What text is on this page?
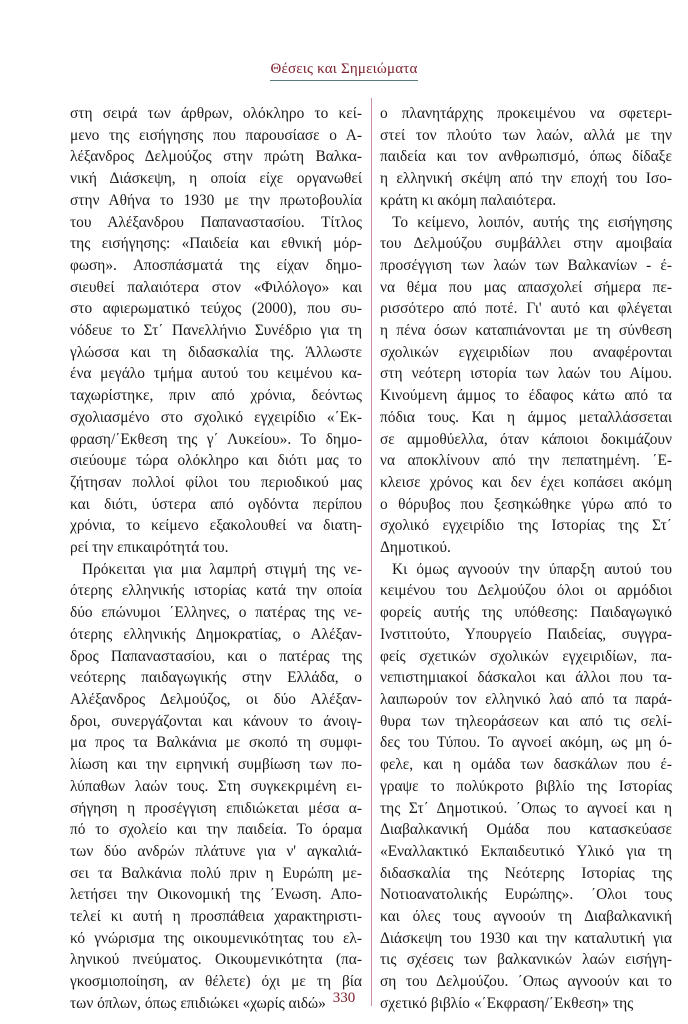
Θέσεις και Σημειώματα
στη σειρά των άρθρων, ολόκληρο το κεί-
μενο της εισήγησης που παρουσίασε ο Α-
λέξανδρος Δελμούζος στην πρώτη Βαλκα-
νική Διάσκεψη, η οποία είχε οργανωθεί
στην Αθήνα το 1930 με την πρωτοβουλία
του Αλέξανδρου Παπαναστασίου. Τίτλος
της εισήγησης: «Παιδεία και εθνική μόρ-
φωση». Αποσπάσματά της είχαν δημο-
σιευθεί παλαιότερα στον «Φιλόλογο» και
στο αφιερωματικό τεύχος (2000), που συ-
νόδευε το Στ΄ Πανελλήνιο Συνέδριο για τη
γλώσσα και τη διδασκαλία της. Άλλωστε
ένα μεγάλο τμήμα αυτού του κειμένου κα-
ταχωρίστηκε, πριν από χρόνια, δεόντως
σχολιασμένο στο σχολικό εγχειρίδιο «΄Εκ-
φραση/΄Εκθεση της γ΄ Λυκείου». Το δημο-
σιεύουμε τώρα ολόκληρο και διότι μας το
ζήτησαν πολλοί φίλοι του περιοδικού μας
και διότι, ύστερα από ογδόντα περίπου
χρόνια, το κείμενο εξακολουθεί να διατη-
ρεί την επικαιρότητά του.
Πρόκειται για μια λαμπρή στιγμή της νε-
ότερης ελληνικής ιστορίας κατά την οποία
δύο επώνυμοι ΄Ελληνες, ο πατέρας της νε-
ότερης ελληνικής Δημοκρατίας, ο Αλέξαν-
δρος Παπαναστασίου, και ο πατέρας της
νεότερης παιδαγωγικής στην Ελλάδα, ο
Αλέξανδρος Δελμούζος, οι δύο Αλέξαν-
δροι, συνεργάζονται και κάνουν το άνοιγ-
μα προς τα Βαλκάνια με σκοπό τη συμφι-
λίωση και την ειρηνική συμβίωση των πο-
λύπαθων λαών τους. Στη συγκεκριμένη ει-
σήγηση η προσέγγιση επιδιώκεται μέσα α-
πό το σχολείο και την παιδεία. Το όραμα
των δύο ανδρών πλάτυνε για ν' αγκαλιά-
σει τα Βαλκάνια πολύ πριν η Ευρώπη με-
λετήσει την Οικονομική της ΄Ενωση. Απο-
τελεί κι αυτή η προσπάθεια χαρακτηριστι-
κό γνώρισμα της οικουμενικότητας του ελ-
ληνικού πνεύματος. Οικουμενικότητα (πα-
γκοσμιοποίηση, αν θέλετε) όχι με τη βία
των όπλων, όπως επιδιώκει «χωρίς αιδώ»
ο πλανητάρχης προκειμένου να σφετερι-
στεί τον πλούτο των λαών, αλλά με την
παιδεία και τον ανθρωπισμό, όπως δίδαξε
η ελληνική σκέψη από την εποχή του Ισο-
κράτη κι ακόμη παλαιότερα.
Το κείμενο, λοιπόν, αυτής της εισήγησης
του Δελμούζου συμβάλλει στην αμοιβαία
προσέγγιση των λαών των Βαλκανίων - έ-
να θέμα που μας απασχολεί σήμερα πε-
ρισσότερο από ποτέ. Γι' αυτό και φλέγεται
η πένα όσων καταπιάνονται με τη σύνθεση
σχολικών εγχειριδίων που αναφέρονται
στη νεότερη ιστορία των λαών του Αίμου.
Κινούμενη άμμος το έδαφος κάτω από τα
πόδια τους. Και η άμμος μεταλλάσσεται
σε αμμοθύελλα, όταν κάποιοι δοκιμάζουν
να αποκλίνουν από την πεπατημένη. ΄Ε-
κλεισε χρόνος και δεν έχει κοπάσει ακόμη
ο θόρυβος που ξεσηκώθηκε γύρω από το
σχολικό εγχειρίδιο της Ιστορίας της Στ΄
Δημοτικού.
Κι όμως αγνοούν την ύπαρξη αυτού του
κειμένου του Δελμούζου όλοι οι αρμόδιοι
φορείς αυτής της υπόθεσης: Παιδαγωγικό
Ινστιτούτο, Υπουργείο Παιδείας, συγγρα-
φείς σχετικών σχολικών εγχειριδίων, πα-
νεπιστημιακοί δάσκαλοι και άλλοι που τα-
λαιπωρούν τον ελληνικό λαό από τα παρά-
θυρα των τηλεοράσεων και από τις σελί-
δες του Τύπου. Το αγνοεί ακόμη, ως μη ό-
φελε, και η ομάδα των δασκάλων που έ-
γραψε το πολύκροτο βιβλίο της Ιστορίας
της Στ΄ Δημοτικού. ΄Οπως το αγνοεί και η
Διαβαλκανική Ομάδα που κατασκεύασε
«Εναλλακτικό Εκπαιδευτικό Υλικό για τη
διδασκαλία της Νεότερης Ιστορίας της
Νοτιοανατολικής Ευρώπης». ΄Ολοι τους
και όλες τους αγνοούν τη Διαβαλκανική
Διάσκεψη του 1930 και την καταλυτική για
τις σχέσεις των βαλκανικών λαών εισήγη-
ση του Δελμούζου. ΄Οπως αγνοούν και το
σχετικό βιβλίο «΄Εκφραση/΄Εκθεση» της
330
